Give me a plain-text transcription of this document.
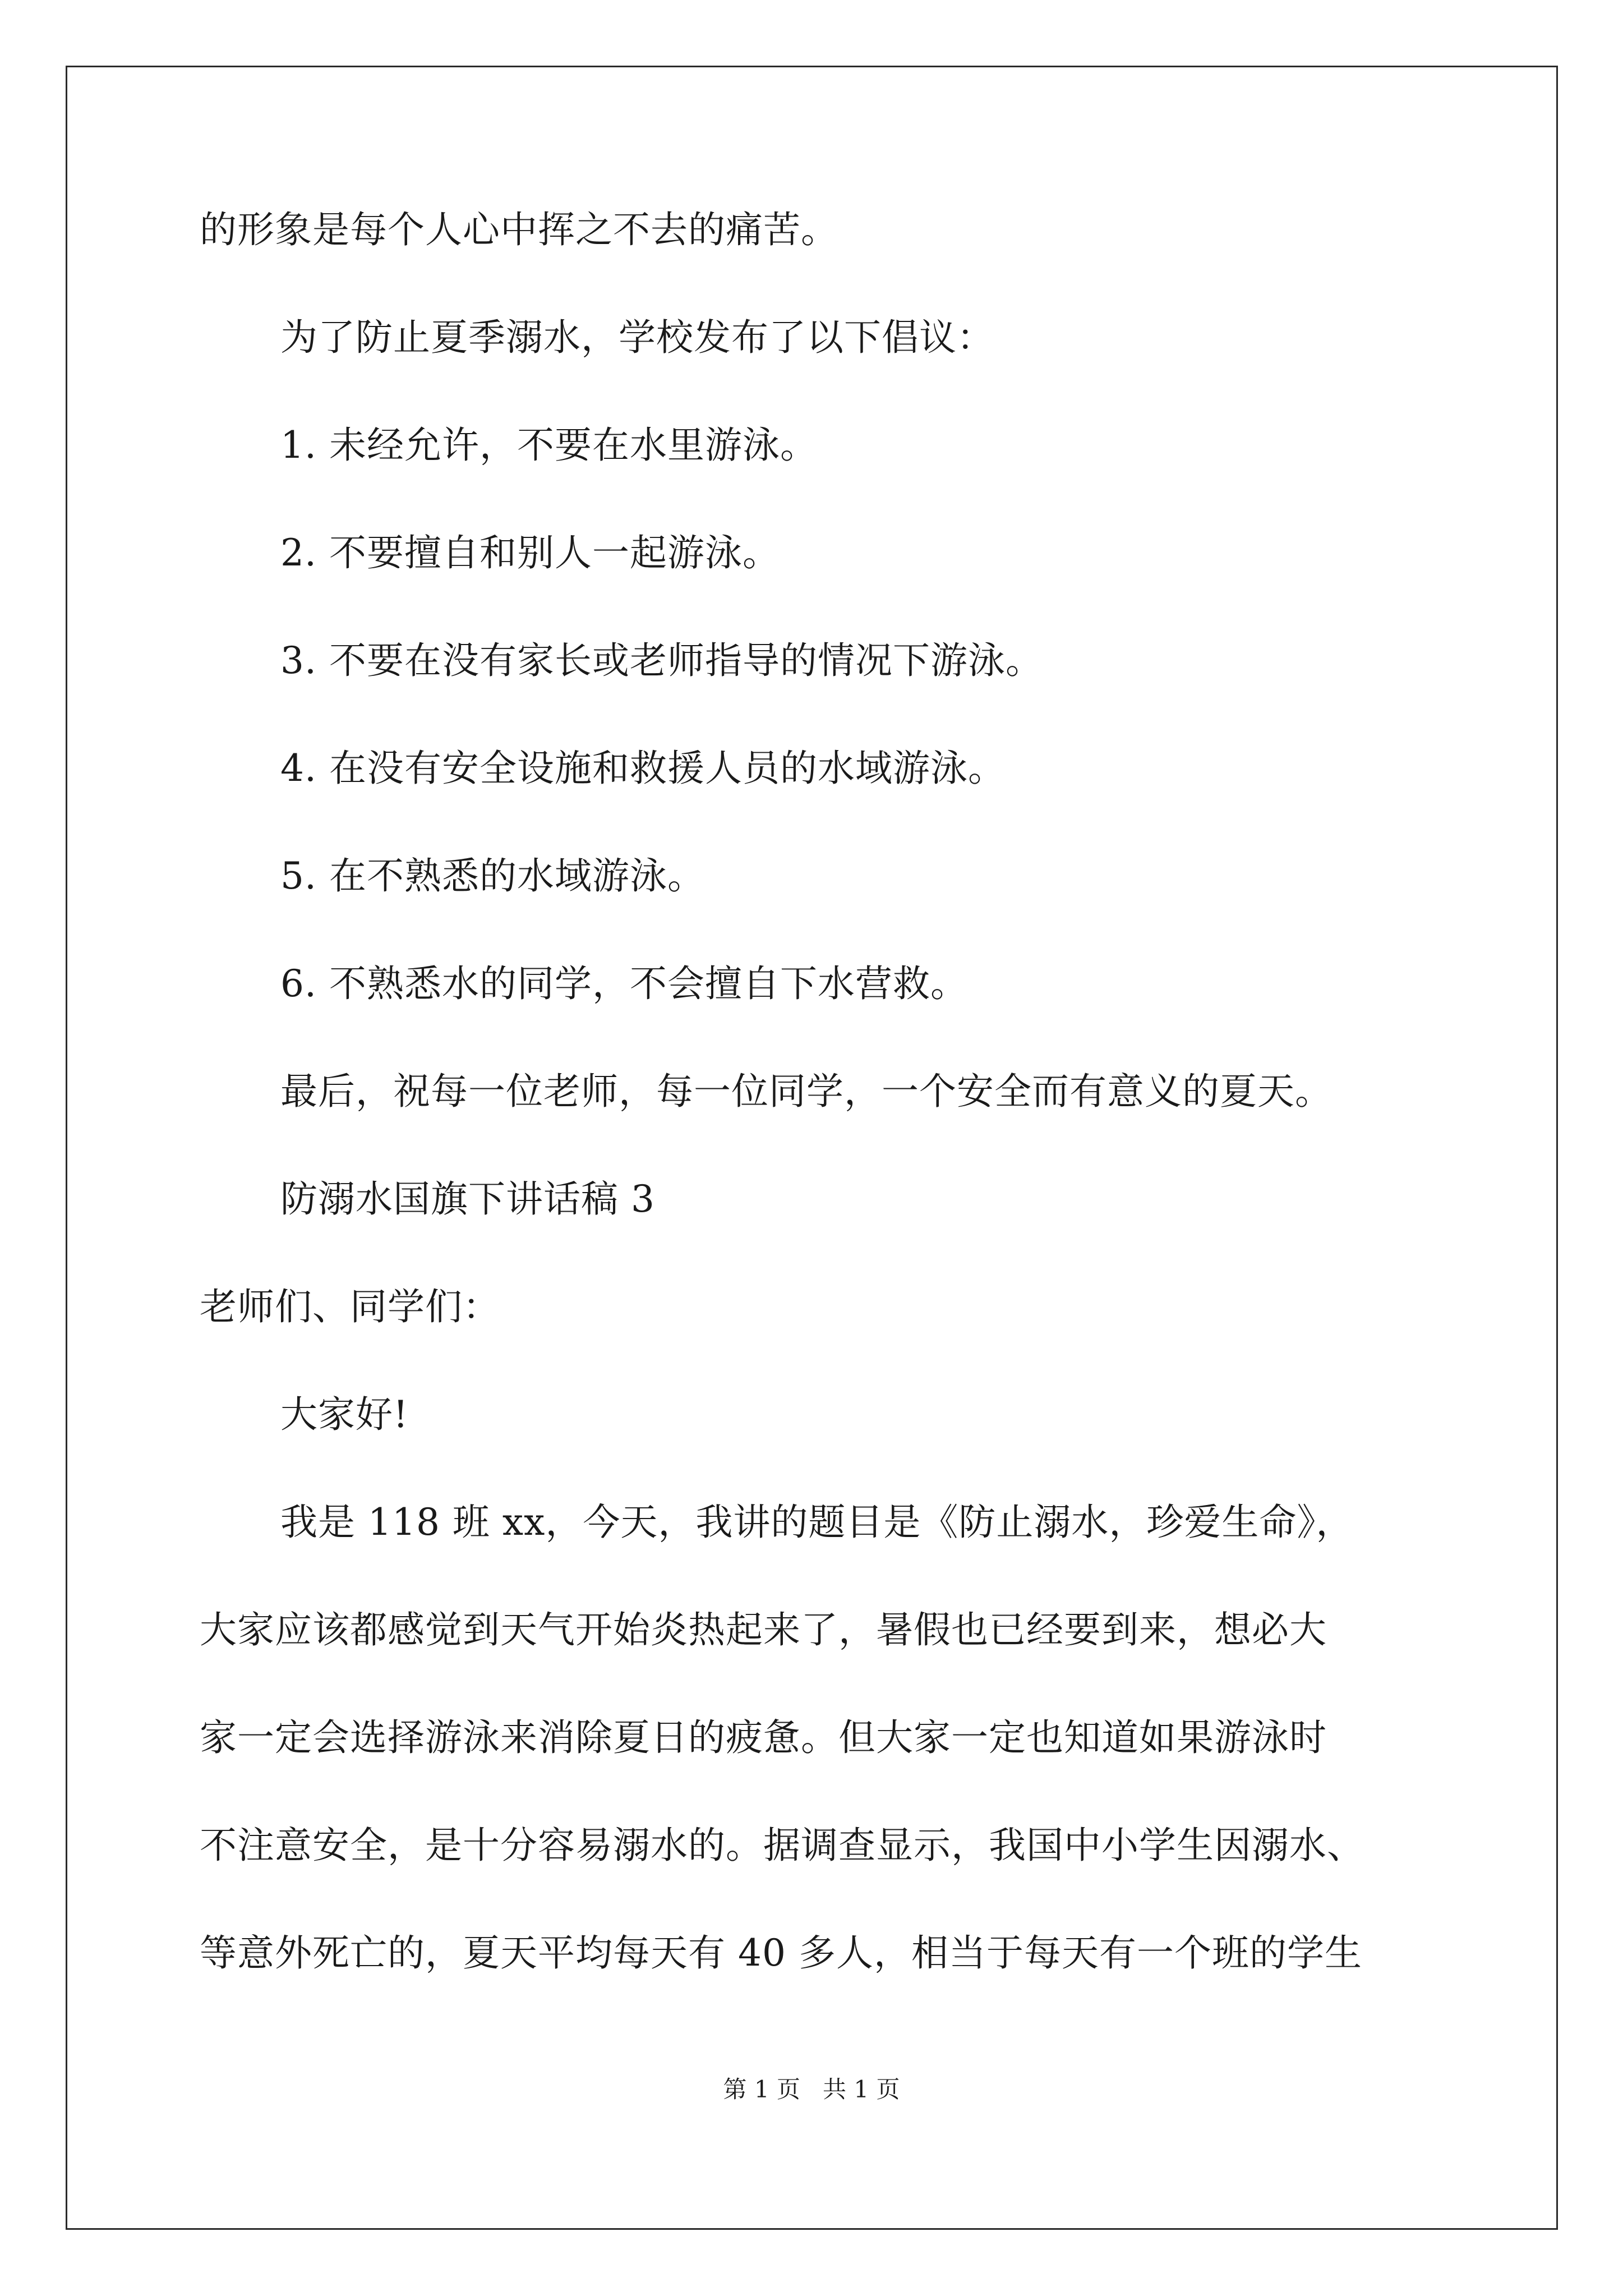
的形象是每个人心中挥之不去的痛苦。
为了防止夏季溺水，学校发布了以下倡议：
1. 未经允许，不要在水里游泳。
2. 不要擅自和别人一起游泳。
3. 不要在没有家长或老师指导的情况下游泳。
4. 在没有安全设施和救援人员的水域游泳。
5. 在不熟悉的水域游泳。
6. 不熟悉水的同学，不会擅自下水营救。
最后，祝每一位老师，每一位同学，一个安全而有意义的夏天。
防溺水国旗下讲话稿 3
老师们、同学们：
大家好!
我是 118 班 xx，今天，我讲的题目是《防止溺水，珍爱生命》，
大家应该都感觉到天气开始炎热起来了，暑假也已经要到来，想必大
家一定会选择游泳来消除夏日的疲惫。但大家一定也知道如果游泳时
不注意安全，是十分容易溺水的。据调查显示，我国中小学生因溺水、
等意外死亡的，夏天平均每天有 40 多人，相当于每天有一个班的学生
第 1 页   共 1 页
